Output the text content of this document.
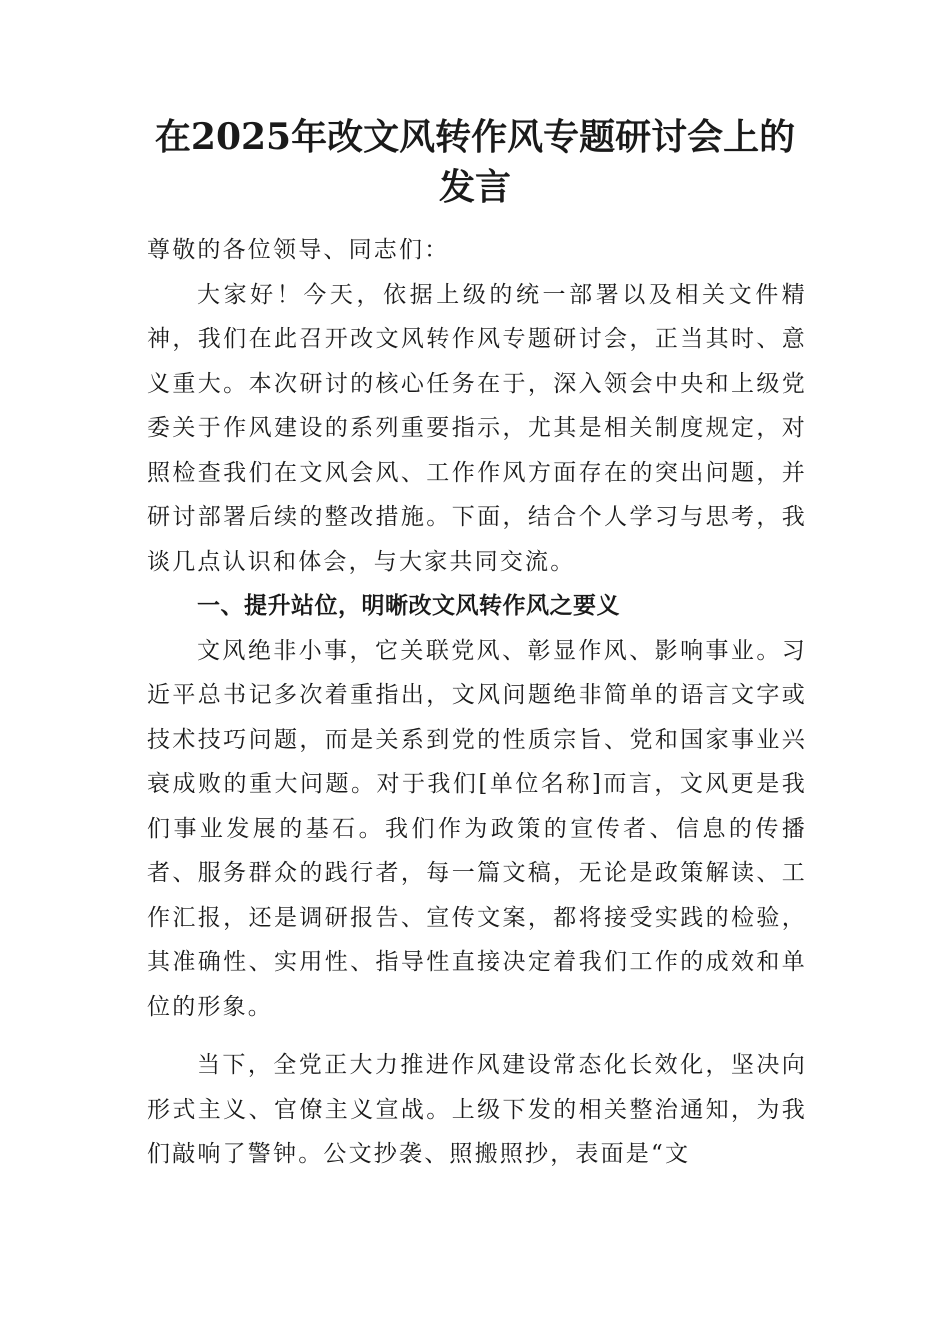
在2025年改文风转作风专题研讨会上的发言

尊敬的各位领导、同志们：

大家好！今天，依据上级的统一部署以及相关文件精神，我们在此召开改文风转作风专题研讨会，正当其时、意义重大。本次研讨的核心任务在于，深入领会中央和上级党委关于作风建设的系列重要指示，尤其是相关制度规定，对照检查我们在文风会风、工作作风方面存在的突出问题，并研讨部署后续的整改措施。下面，结合个人学习与思考，我谈几点认识和体会，与大家共同交流。

一、提升站位，明晰改文风转作风之要义

文风绝非小事，它关联党风、彰显作风、影响事业。习近平总书记多次着重指出，文风问题绝非简单的语言文字或技术技巧问题，而是关系到党的性质宗旨、党和国家事业兴衰成败的重大问题。对于我们[单位名称]而言，文风更是我们事业发展的基石。我们作为政策的宣传者、信息的传播者、服务群众的践行者，每一篇文稿，无论是政策解读、工作汇报，还是调研报告、宣传文案，都将接受实践的检验，其准确性、实用性、指导性直接决定着我们工作的成效和单位的形象。

当下，全党正大力推进作风建设常态化长效化，坚决向形式主义、官僚主义宣战。上级下发的相关整治通知，为我们敲响了警钟。公文抄袭、照搬照抄，表面是“文
